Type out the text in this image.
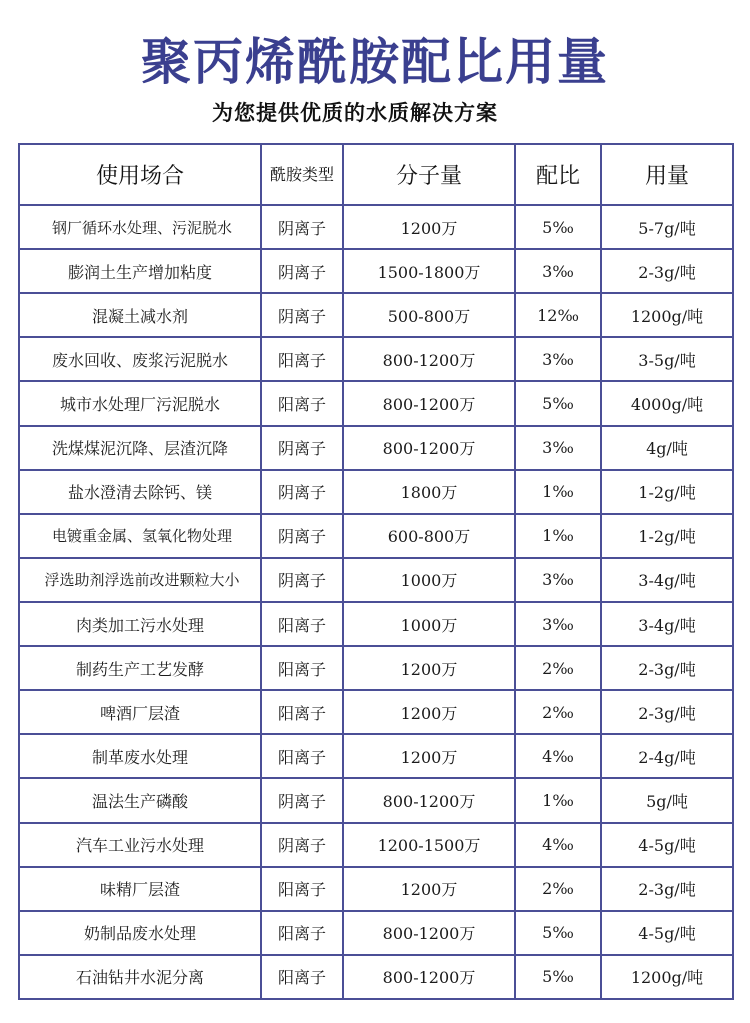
聚丙烯酰胺配比用量
为您提供优质的水质解决方案
使用场合	酰胺类型	分子量	配比	用量
钢厂循环水处理、污泥脱水	阴离子	1200万	5‰	5-7g/吨
膨润土生产增加粘度	阴离子	1500-1800万	3‰	2-3g/吨
混凝土减水剂	阴离子	500-800万	12‰	1200g/吨
废水回收、废浆污泥脱水	阳离子	800-1200万	3‰	3-5g/吨
城市水处理厂污泥脱水	阳离子	800-1200万	5‰	4000g/吨
洗煤煤泥沉降、层渣沉降	阴离子	800-1200万	3‰	4g/吨
盐水澄清去除钙、镁	阴离子	1800万	1‰	1-2g/吨
电镀重金属、氢氧化物处理	阴离子	600-800万	1‰	1-2g/吨
浮选助剂浮选前改进颗粒大小	阴离子	1000万	3‰	3-4g/吨
肉类加工污水处理	阳离子	1000万	3‰	3-4g/吨
制药生产工艺发酵	阳离子	1200万	2‰	2-3g/吨
啤酒厂层渣	阳离子	1200万	2‰	2-3g/吨
制革废水处理	阳离子	1200万	4‰	2-4g/吨
温法生产磷酸	阴离子	800-1200万	1‰	5g/吨
汽车工业污水处理	阴离子	1200-1500万	4‰	4-5g/吨
味精厂层渣	阳离子	1200万	2‰	2-3g/吨
奶制品废水处理	阳离子	800-1200万	5‰	4-5g/吨
石油钻井水泥分离	阳离子	800-1200万	5‰	1200g/吨
